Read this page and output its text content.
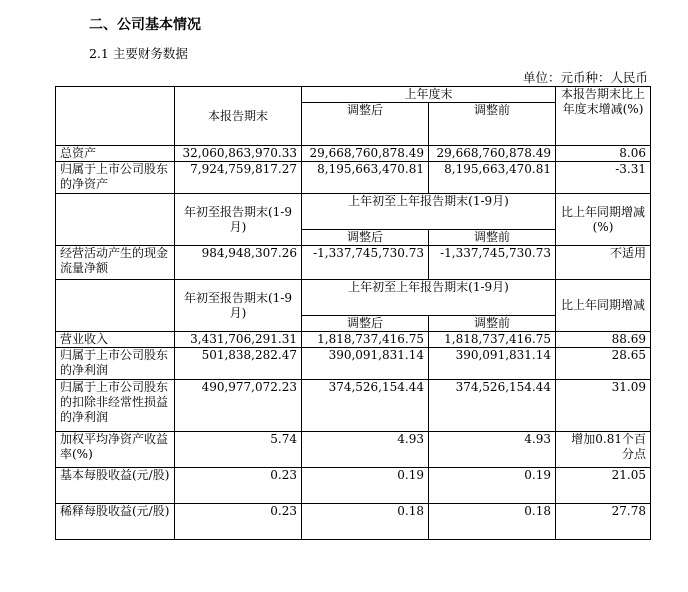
二、公司基本情况
2.1 主要财务数据
单位：元币种：人民币
	本报告期末	上年度末		本报告期末比上年度末增减(%)
		调整后	调整前	
总资产	32,060,863,970.33	29,668,760,878.49	29,668,760,878.49	8.06
归属于上市公司股东的净资产	7,924,759,817.27	8,195,663,470.81	8,195,663,470.81	-3.31
	年初至报告期末(1-9月)	上年初至上年报告期末(1-9月)		比上年同期增减(%)
		调整后	调整前	
经营活动产生的现金流量净额	984,948,307.26	-1,337,745,730.73	-1,337,745,730.73	不适用
	年初至报告期末(1-9月)	上年初至上年报告期末(1-9月)		比上年同期增减
		调整后	调整前	
营业收入	3,431,706,291.31	1,818,737,416.75	1,818,737,416.75	88.69
归属于上市公司股东的净利润	501,838,282.47	390,091,831.14	390,091,831.14	28.65
归属于上市公司股东的扣除非经常性损益的净利润	490,977,072.23	374,526,154.44	374,526,154.44	31.09
加权平均净资产收益率(%)	5.74	4.93	4.93	增加0.81个百分点
基本每股收益(元/股)	0.23	0.19	0.19	21.05
稀释每股收益(元/股)	0.23	0.18	0.18	27.78
